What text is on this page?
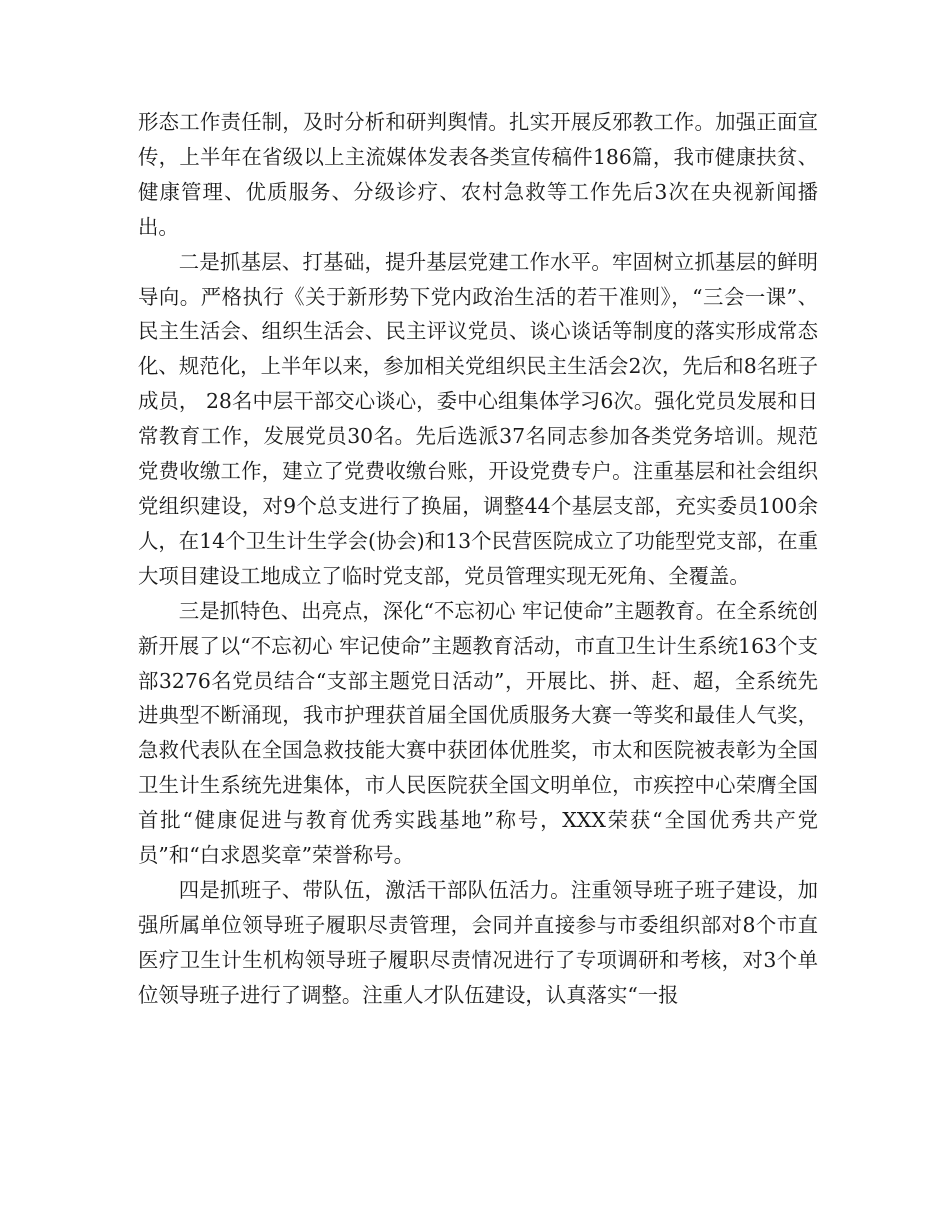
形态工作责任制，及时分析和研判舆情。扎实开展反邪教工作。加强正面宣传，上半年在省级以上主流媒体发表各类宣传稿件186篇，我市健康扶贫、健康管理、优质服务、分级诊疗、农村急救等工作先后3次在央视新闻播出。

二是抓基层、打基础，提升基层党建工作水平。牢固树立抓基层的鲜明导向。严格执行《关于新形势下党内政治生活的若干准则》，“三会一课”、民主生活会、组织生活会、民主评议党员、谈心谈话等制度的落实形成常态化、规范化，上半年以来，参加相关党组织民主生活会2次，先后和8名班子成员， 28名中层干部交心谈心，委中心组集体学习6次。强化党员发展和日常教育工作，发展党员30名。先后选派37名同志参加各类党务培训。规范党费收缴工作，建立了党费收缴台账，开设党费专户。注重基层和社会组织党组织建设，对9个总支进行了换届，调整44个基层支部，充实委员100余人，在14个卫生计生学会(协会)和13个民营医院成立了功能型党支部，在重大项目建设工地成立了临时党支部，党员管理实现无死角、全覆盖。

三是抓特色、出亮点，深化“不忘初心 牢记使命”主题教育。在全系统创新开展了以“不忘初心 牢记使命”主题教育活动，市直卫生计生系统163个支部3276名党员结合“支部主题党日活动”，开展比、拼、赶、超，全系统先进典型不断涌现，我市护理获首届全国优质服务大赛一等奖和最佳人气奖，急救代表队在全国急救技能大赛中获团体优胜奖，市太和医院被表彰为全国卫生计生系统先进集体，市人民医院获全国文明单位，市疾控中心荣膺全国首批“健康促进与教育优秀实践基地”称号，XXX荣获“全国优秀共产党员”和“白求恩奖章”荣誉称号。

四是抓班子、带队伍，激活干部队伍活力。注重领导班子班子建设，加强所属单位领导班子履职尽责管理，会同并直接参与市委组织部对8个市直医疗卫生计生机构领导班子履职尽责情况进行了专项调研和考核，对3个单位领导班子进行了调整。注重人才队伍建设，认真落实“一报
